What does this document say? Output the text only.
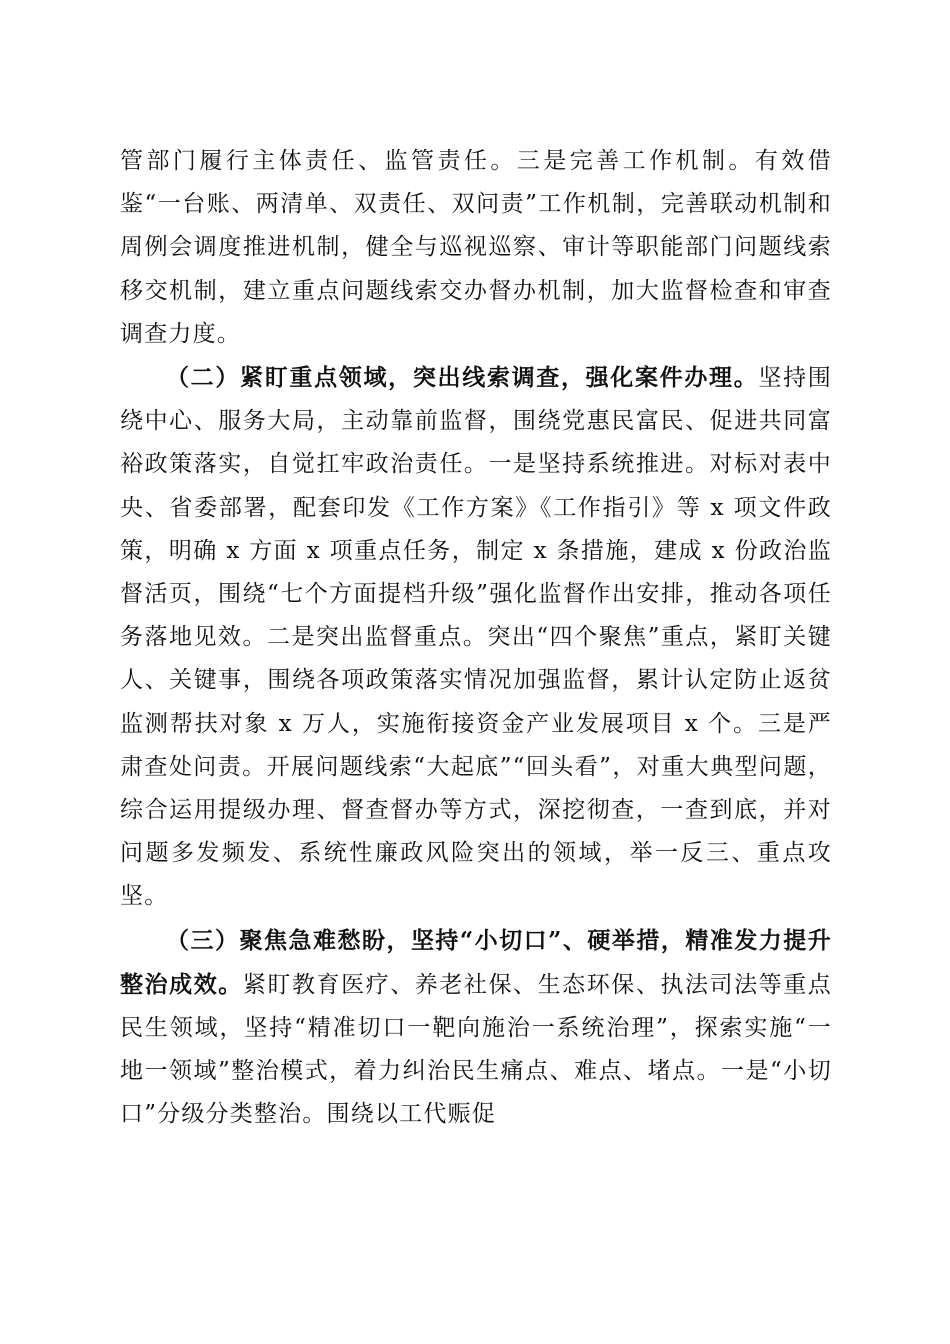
管部门履行主体责任、监管责任。三是完善工作机制。有效借鉴“一台账、两清单、双责任、双问责”工作机制，完善联动机制和周例会调度推进机制，健全与巡视巡察、审计等职能部门问题线索移交机制，建立重点问题线索交办督办机制，加大监督检查和审查调查力度。

（二）紧盯重点领域，突出线索调查，强化案件办理。坚持围绕中心、服务大局，主动靠前监督，围绕党惠民富民、促进共同富裕政策落实，自觉扛牢政治责任。一是坚持系统推进。对标对表中央、省委部署，配套印发《工作方案》《工作指引》等 x 项文件政策，明确 x 方面 x 项重点任务，制定 x 条措施，建成 x 份政治监督活页，围绕“七个方面提档升级”强化监督作出安排，推动各项任务落地见效。二是突出监督重点。突出“四个聚焦”重点，紧盯关键人、关键事，围绕各项政策落实情况加强监督，累计认定防止返贫监测帮扶对象 x 万人，实施衔接资金产业发展项目 x 个。三是严肃查处问责。开展问题线索“大起底”“回头看”，对重大典型问题，综合运用提级办理、督查督办等方式，深挖彻查，一查到底，并对问题多发频发、系统性廉政风险突出的领域，举一反三、重点攻坚。

（三）聚焦急难愁盼，坚持“小切口”、硬举措，精准发力提升整治成效。紧盯教育医疗、养老社保、生态环保、执法司法等重点民生领域，坚持“精准切口一靶向施治一系统治理”，探索实施“一地一领域”整治模式，着力纠治民生痛点、难点、堵点。一是“小切口”分级分类整治。围绕以工代赈促
